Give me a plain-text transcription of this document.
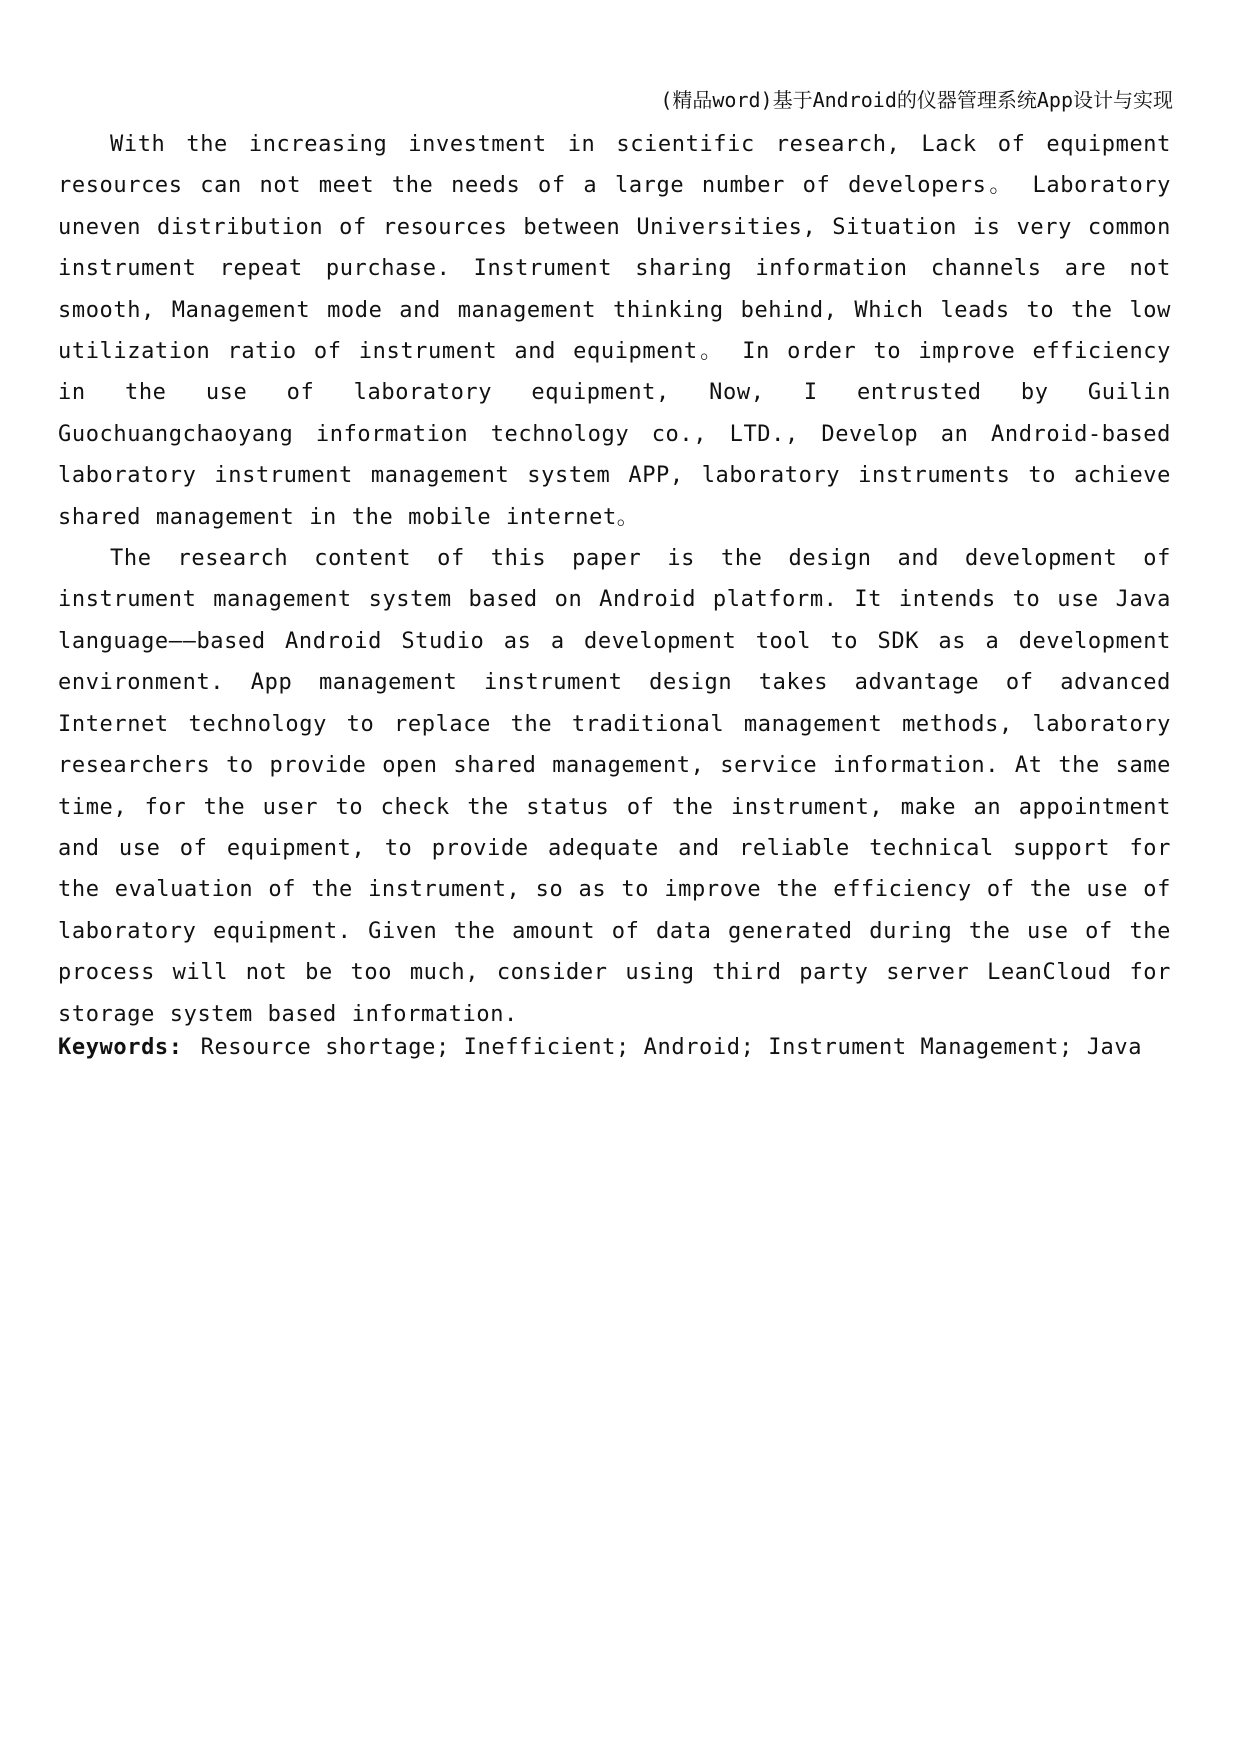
(精品word)基于Android的仪器管理系统App设计与实现

With the increasing investment in scientific research, Lack of equipment resources can not meet the needs of a large number of developers。 Laboratory uneven distribution of resources between Universities, Situation is very common instrument repeat purchase. Instrument sharing information channels are not smooth, Management mode and management thinking behind, Which leads to the low utilization ratio of instrument and equipment。 In order to improve efficiency in the use of laboratory equipment, Now, I entrusted by Guilin Guochuangchaoyang information technology co., LTD., Develop an Android-based laboratory instrument management system APP, laboratory instruments to achieve shared management in the mobile internet。

The research content of this paper is the design and development of instrument management system based on Android platform. It intends to use Java language——based Android Studio as a development tool to SDK as a development environment. App management instrument design takes advantage of advanced Internet technology to replace the traditional management methods, laboratory researchers to provide open shared management, service information. At the same time, for the user to check the status of the instrument, make an appointment and use of equipment, to provide adequate and reliable technical support for the evaluation of the instrument, so as to improve the efficiency of the use of laboratory equipment. Given the amount of data generated during the use of the process will not be too much, consider using third party server LeanCloud for storage system based information.

Keywords: Resource shortage; Inefficient; Android; Instrument Management; Java
